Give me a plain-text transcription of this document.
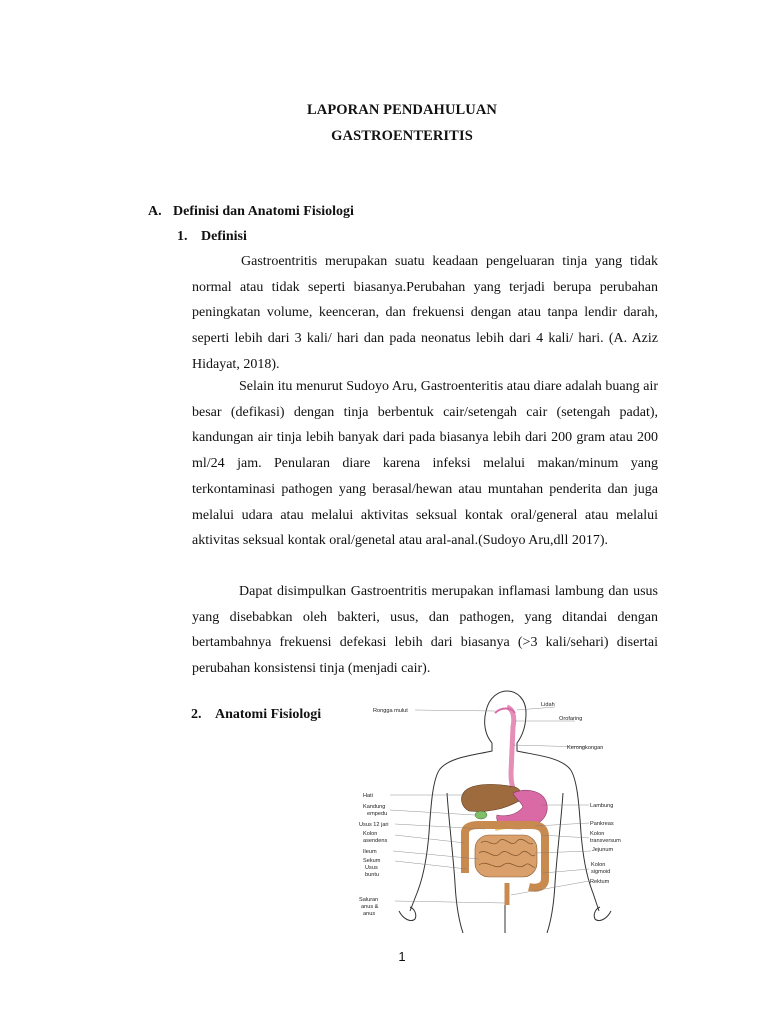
LAPORAN PENDAHULUAN
GASTROENTERITIS
A. Definisi dan Anatomi Fisiologi
1. Definisi

Gastroentritis merupakan suatu keadaan pengeluaran tinja yang tidak normal atau tidak seperti biasanya.Perubahan yang terjadi berupa perubahan peningkatan volume, keenceran, dan frekuensi dengan atau tanpa lendir darah, seperti lebih dari 3 kali/ hari dan pada neonatus lebih dari 4 kali/ hari. (A. Aziz Hidayat, 2018).

Selain itu menurut Sudoyo Aru, Gastroenteritis atau diare adalah buang air besar (defikasi) dengan tinja berbentuk cair/setengah cair (setengah padat), kandungan air tinja lebih banyak dari pada biasanya lebih dari 200 gram atau 200 ml/24 jam. Penularan diare karena infeksi melalui makan/minum yang terkontaminasi pathogen yang berasal/hewan atau muntahan penderita dan juga melalui udara atau melalui aktivitas seksual kontak oral/general atau melalui aktivitas seksual kontak oral/genetal atau aral-anal.(Sudoyo Aru,dll 2017).

Dapat disimpulkan Gastroentritis merupakan inflamasi lambung dan usus yang disebabkan oleh bakteri, usus, dan pathogen, yang ditandai dengan bertambahnya frekuensi defekasi lebih dari biasanya (>3 kali/sehari) disertai perubahan konsistensi tinja (menjadi cair).

2. Anatomi Fisiologi	Rongga mulut
Hati
Kandung
empedu
Usus 12 jari
Kolon
asendens
Ileum
Sekum
Usus
buntu
Saluran
anus &
anus
Lidah
Orofaring
Kerongkongan
Lambung
Pankreas
Kolon
transversum
Jejunum
Kolon
sigmoid
Rektum
1
